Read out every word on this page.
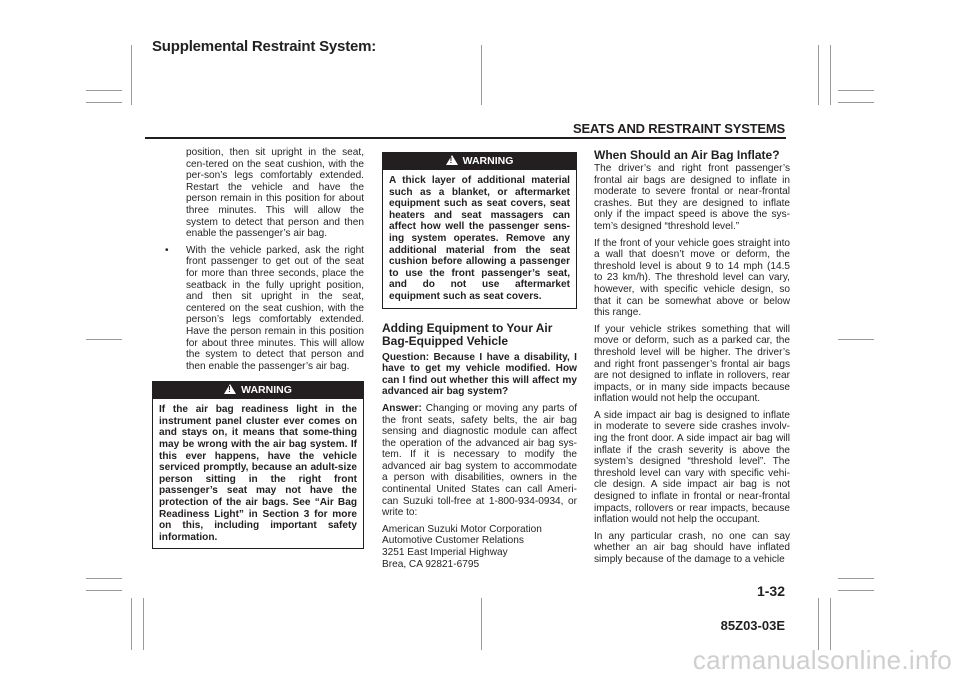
Supplemental Restraint System:
SEATS AND RESTRAINT SYSTEMS

position, then sit upright in the seat, cen-tered on the seat cushion, with the per-son’s legs comfortably extended. Restart the vehicle and have the person remain in this position for about three minutes. This will allow the system to detect that person and then enable the passenger’s air bag.

• With the vehicle parked, ask the right front passenger to get out of the seat for more than three seconds, place the seatback in the fully upright position, and then sit upright in the seat, centered on the seat cushion, with the person’s legs comfortably extended. Have the person remain in this position for about three minutes. This will allow the system to detect that person and then enable the passenger’s air bag.

!WARNING
If the air bag readiness light in the instrument panel cluster ever comes on and stays on, it means that some-thing may be wrong with the air bag system. If this ever happens, have the vehicle serviced promptly, because an adult-size person sitting in the right front passenger’s seat may not have the protection of the air bags. See “Air Bag Readiness Light” in Section 3 for more on this, including important safety information.
!WARNING
A thick layer of additional material such as a blanket, or aftermarket equipment such as seat covers, seat heaters and seat massagers can affect how well the passenger sens-ing system operates. Remove any additional material from the seat cushion before allowing a passenger to use the front passenger’s seat, and do not use aftermarket equipment such as seat covers.
Adding Equipment to Your Air Bag-Equipped Vehicle

Question: Because I have a disability, I have to get my vehicle modified. How can I find out whether this will affect my advanced air bag system?

Answer: Changing or moving any parts of the front seats, safety belts, the air bag sensing and diagnostic module can affect the operation of the advanced air bag sys-tem. If it is necessary to modify the advanced air bag system to accommodate a person with disabilities, owners in the continental United States can call Ameri-can Suzuki toll-free at 1-800-934-0934, or write to:

American Suzuki Motor Corporation
Automotive Customer Relations
3251 East Imperial Highway
Brea, CA 92821-6795
When Should an Air Bag Inflate?

The driver’s and right front passenger’s frontal air bags are designed to inflate in moderate to severe frontal or near-frontal crashes. But they are designed to inflate only if the impact speed is above the sys-tem’s designed “threshold level.”

If the front of your vehicle goes straight into a wall that doesn’t move or deform, the threshold level is about 9 to 14 mph (14.5 to 23 km/h). The threshold level can vary, however, with specific vehicle design, so that it can be somewhat above or below this range.

If your vehicle strikes something that will move or deform, such as a parked car, the threshold level will be higher. The driver’s and right front passenger’s frontal air bags are not designed to inflate in rollovers, rear impacts, or in many side impacts because inflation would not help the occupant.

A side impact air bag is designed to inflate in moderate to severe side crashes involv-ing the front door. A side impact air bag will inflate if the crash severity is above the system’s designed “threshold level”. The threshold level can vary with specific vehi-cle design. A side impact air bag is not designed to inflate in frontal or near-frontal impacts, rollovers or rear impacts, because inflation would not help the occupant.

In any particular crash, no one can say whether an air bag should have inflated simply because of the damage to a vehicle

1-32
85Z03-03E
carmanualsonline.info
